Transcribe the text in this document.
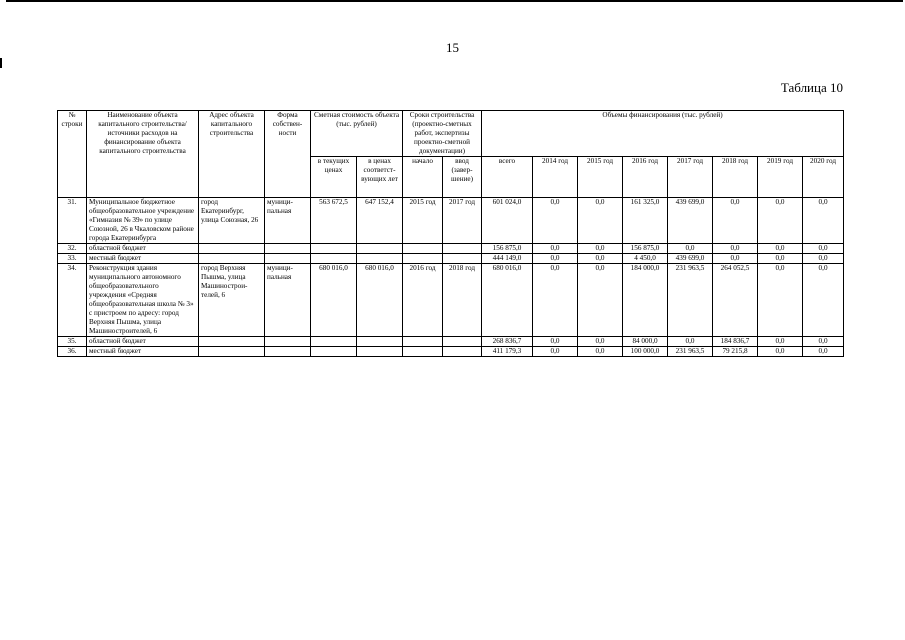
15
Таблица 10
№ строки	Наименование объекта капитального строительства/ источники расходов на финансирование объекта капитального строительства	Адрес объекта капитального строительства	Форма собствен-ности	Сметная стоимость объекта (тыс. рублей)		Сроки строительства (проектно-сметных работ, экспертизы проектно-сметной документации)		Объемы финансирования (тыс. рублей)							
				в текущих ценах	в ценах соответст-вующих лет	начало	ввод (завер-шение)	всего	2014 год	2015 год	2016 год	2017 год	2018 год	2019 год	2020 год
31.	Муниципальное бюджетное общеобразовательное учреждение «Гимназия № 39» по улице Союзной, 26 в Чкаловском районе города Екатеринбурга	город Екатеринбург, улица Союзная, 26	муници-пальная	563 672,5	647 152,4	2015 год	2017 год	601 024,0	0,0	0,0	161 325,0	439 699,0	0,0	0,0	0,0
32.	областной бюджет							156 875,0	0,0	0,0	156 875,0	0,0	0,0	0,0	0,0
33.	местный бюджет							444 149,0	0,0	0,0	4 450,0	439 699,0	0,0	0,0	0,0
34.	Реконструкция здания муниципального автономного общеобразовательного учреждения «Средняя общеобразовательная школа № 3» с пристроем по адресу: город Верхняя Пышма, улица Машиностроителей, 6	город Верхняя Пышма, улица Машинострои-телей, 6	муници-пальная	680 016,0	680 016,0	2016 год	2018 год	680 016,0	0,0	0,0	184 000,0	231 963,5	264 052,5	0,0	0,0
35.	областной бюджет							268 836,7	0,0	0,0	84 000,0	0,0	184 836,7	0,0	0,0
36.	местный бюджет							411 179,3	0,0	0,0	100 000,0	231 963,5	79 215,8	0,0	0,0
